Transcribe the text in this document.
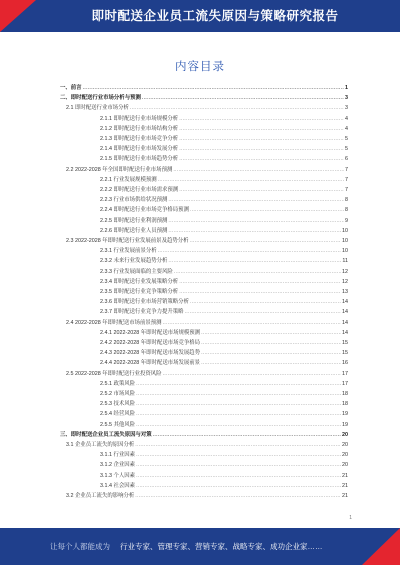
即时配送企业员工流失原因与策略研究报告
内容目录
一、前言 .....	1
二、即时配送行业市场分析与预测 .....	3
2.1 即时配送行业市场分析 .....	3
2.1.1 即时配送行业市场规模分析 .....	4
2.1.2 即时配送行业市场结构分析 .....	4
2.1.3 即时配送行业市场竞争分析 .....	5
2.1.4 即时配送行业市场发展分析 .....	5
2.1.5 即时配送行业市场趋势分析 .....	6
2.2 2022-2028 年全国即时配送行业市场预测 .....	7
2.2.1 行业发展规模预测 .....	7
2.2.2 即时配送行业市场需求预测 .....	7
2.2.3 行业市场供给状况预测 .....	8
2.2.4 即时配送行业市场竞争格局预测 .....	8
2.2.5 即时配送行业利润预测 .....	9
2.2.6 即时配送行业人员预测 .....	10
2.3 2022-2028 年即时配送行业发展前景及趋势分析 .....	10
2.3.1 行业发展前景分析 .....	10
2.3.2 未来行业发展趋势分析 .....	11
2.3.3 行业发展面临的主要风险 .....	12
2.3.4 即时配送行业发展策略分析 .....	12
2.3.5 即时配送行业竞争策略分析 .....	13
2.3.6 即时配送行业市场营销策略分析 .....	14
2.3.7 即时配送行业竞争力提升策略 .....	14
2.4 2022-2028 年即时配送市场前景预测 .....	14
2.4.1 2022-2028 年即时配送市场规模预测 .....	14
2.4.2 2022-2028 年即时配送市场竞争格局 .....	15
2.4.3 2022-2028 年即时配送市场发展趋势 .....	15
2.4.4 2022-2028 年即时配送市场发展前景 .....	16
2.5 2022-2028 年即时配送行业投资风险 .....	17
2.5.1 政策风险 .....	17
2.5.2 市场风险 .....	18
2.5.3 技术风险 .....	18
2.5.4 经营风险 .....	19
2.5.5 其他风险 .....	19
三、即时配送企业员工流失原因与对策 .....	20
3.1 企业员工流失的原因分析 .....	20
3.1.1 行业因素 .....	20
3.1.2 企业因素 .....	20
3.1.3 个人因素 .....	21
3.1.4 社会因素 .....	21
3.2 企业员工流失的影响分析 .....	21
1
让每个人都能成为 行业专家、管理专家、营销专家、战略专家、成功企业家……
